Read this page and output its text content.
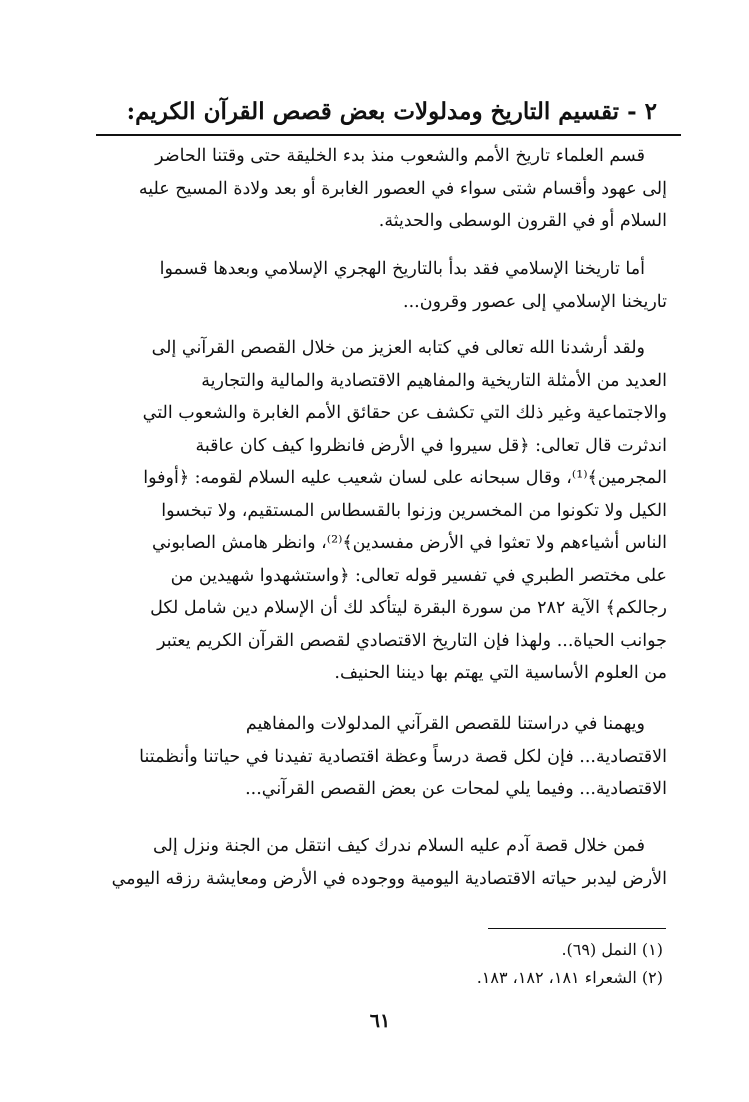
٢ - تقسيم التاريخ ومدلولات بعض قصص القرآن الكريم:
قسم العلماء تاريخ الأمم والشعوب منذ بدء الخليقة حتى وقتنا الحاضر
إلى عهود وأقسام شتى سواء في العصور الغابرة أو بعد ولادة المسيح عليه
السلام أو في القرون الوسطى والحديثة.
أما تاريخنا الإسلامي فقد بدأ بالتاريخ الهجري الإسلامي وبعدها قسموا
تاريخنا الإسلامي إلى عصور وقرون...
ولقد أرشدنا الله تعالى في كتابه العزيز من خلال القصص القرآني إلى
العديد من الأمثلة التاريخية والمفاهيم الاقتصادية والمالية والتجارية
والاجتماعية وغير ذلك التي تكشف عن حقائق الأمم الغابرة والشعوب التي
اندثرت قال تعالى: ﴿قل سيروا في الأرض فانظروا كيف كان عاقبة
المجرمين﴾⁽¹⁾، وقال سبحانه على لسان شعيب عليه السلام لقومه: ﴿أوفوا
الكيل ولا تكونوا من المخسرين وزنوا بالقسطاس المستقيم، ولا تبخسوا
الناس أشياءهم ولا تعثوا في الأرض مفسدين﴾⁽²⁾، وانظر هامش الصابوني
على مختصر الطبري في تفسير قوله تعالى: ﴿واستشهدوا شهيدين من
رجالكم﴾ الآية ٢٨٢ من سورة البقرة ليتأكد لك أن الإسلام دين شامل لكل
جوانب الحياة... ولهذا فإن التاريخ الاقتصادي لقصص القرآن الكريم يعتبر
من العلوم الأساسية التي يهتم بها ديننا الحنيف.
ويهمنا في دراستنا للقصص القرآني المدلولات والمفاهيم
الاقتصادية... فإن لكل قصة درساً وعظة اقتصادية تفيدنا في حياتنا وأنظمتنا
الاقتصادية... وفيما يلي لمحات عن بعض القصص القرآني...
فمن خلال قصة آدم عليه السلام ندرك كيف انتقل من الجنة ونزل إلى
الأرض ليدبر حياته الاقتصادية اليومية ووجوده في الأرض ومعايشة رزقه اليومي
(١) النمل (٦٩).
(٢) الشعراء ١٨١، ١٨٢، ١٨٣.
٦١
